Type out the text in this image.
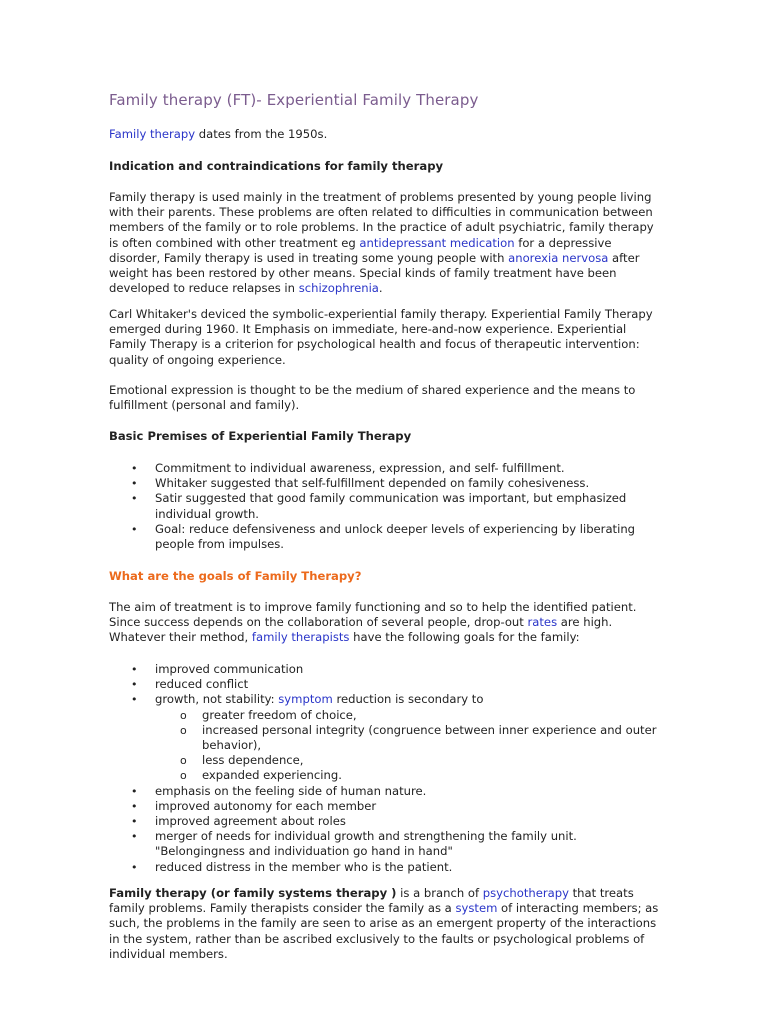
Family therapy (FT)- Experiential Family Therapy

Family therapy dates from the 1950s.

Indication and contraindications for family therapy

Family therapy is used mainly in the treatment of problems presented by young people living with their parents. These problems are often related to difficulties in communication between members of the family or to role problems. In the practice of adult psychiatric, family therapy is often combined with other treatment eg antidepressant medication for a depressive disorder, Family therapy is used in treating some young people with anorexia nervosa after weight has been restored by other means. Special kinds of family treatment have been developed to reduce relapses in schizophrenia.

Carl Whitaker's deviced the symbolic-experiential family therapy. Experiential Family Therapy emerged during 1960. It Emphasis on immediate, here-and-now experience. Experiential Family Therapy is a criterion for psychological health and focus of therapeutic intervention: quality of ongoing experience.

Emotional expression is thought to be the medium of shared experience and the means to fulfillment (personal and family).

Basic Premises of Experiential Family Therapy

• Commitment to individual awareness, expression, and self- fulfillment.
• Whitaker suggested that self-fulfillment depended on family cohesiveness.
• Satir suggested that good family communication was important, but emphasized individual growth.
• Goal: reduce defensiveness and unlock deeper levels of experiencing by liberating people from impulses.

What are the goals of Family Therapy?

The aim of treatment is to improve family functioning and so to help the identified patient. Since success depends on the collaboration of several people, drop-out rates are high. Whatever their method, family therapists have the following goals for the family:

• improved communication
• reduced conflict
• growth, not stability: symptom reduction is secondary to
o greater freedom of choice,
o increased personal integrity (congruence between inner experience and outer behavior),
o less dependence,
o expanded experiencing.
• emphasis on the feeling side of human nature.
• improved autonomy for each member
• improved agreement about roles
• merger of needs for individual growth and strengthening the family unit. "Belongingness and individuation go hand in hand"
• reduced distress in the member who is the patient.

Family therapy (or family systems therapy ) is a branch of psychotherapy that treats family problems. Family therapists consider the family as a system of interacting members; as such, the problems in the family are seen to arise as an emergent property of the interactions in the system, rather than be ascribed exclusively to the faults or psychological problems of individual members.
